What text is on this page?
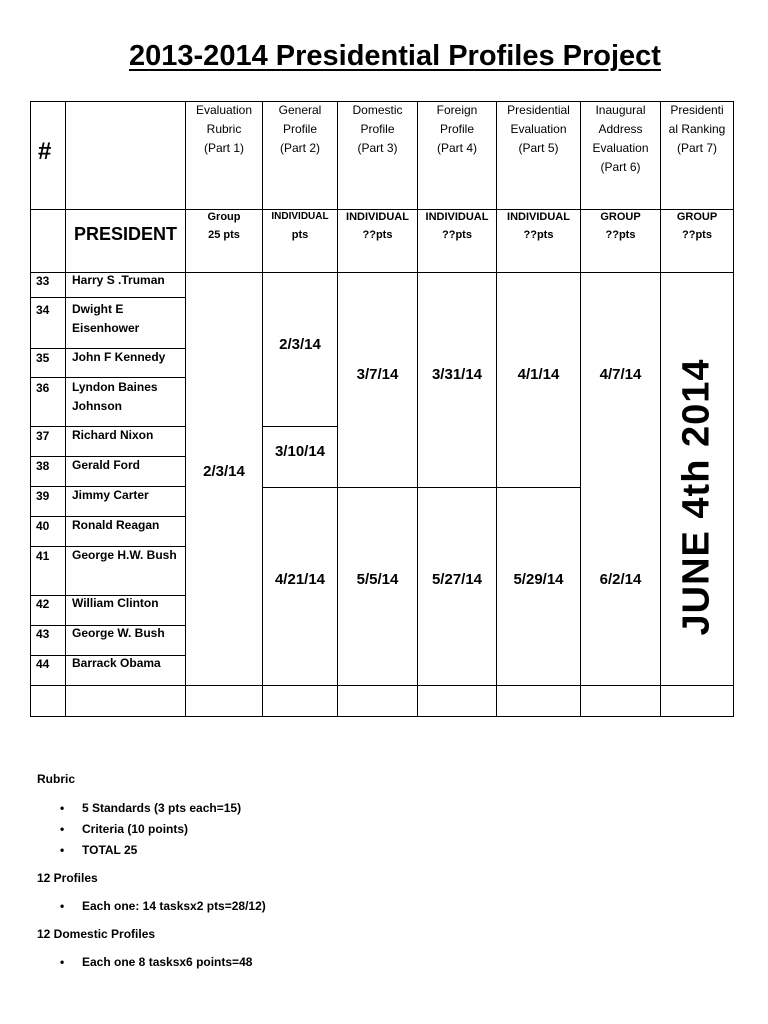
2013-2014 Presidential Profiles Project
#
Evaluation
Rubric
(Part 1)
General
Profile
(Part 2)
Domestic
Profile
(Part 3)
Foreign
Profile
(Part 4)
Presidential
Evaluation
(Part 5)
Inaugural
Address
Evaluation
(Part 6)
Presidenti
al Ranking
(Part 7)
PRESIDENT
Group
25 pts
INDIVIDUAL
pts
INDIVIDUAL
??pts
INDIVIDUAL
??pts
INDIVIDUAL
??pts
GROUP
??pts
GROUP
??pts
33 Harry S .Truman
34 Dwight E Eisenhower
35 John F Kennedy
36 Lyndon Baines Johnson
37 Richard Nixon
38 Gerald Ford
39 Jimmy Carter
40 Ronald Reagan
41 George H.W. Bush
42 William Clinton
43 George W. Bush
44 Barrack Obama
2/3/14
2/3/14
3/10/14
4/21/14
3/7/14
5/5/14
3/31/14
5/27/14
4/1/14
5/29/14
4/7/14
6/2/14 JUNE 4th 2014
Rubric
5 Standards (3 pts each=15)
Criteria (10 points)
TOTAL 25
12 Profiles
Each one: 14 tasksx2 pts=28/12)
12 Domestic Profiles
Each one 8 tasksx6 points=48
